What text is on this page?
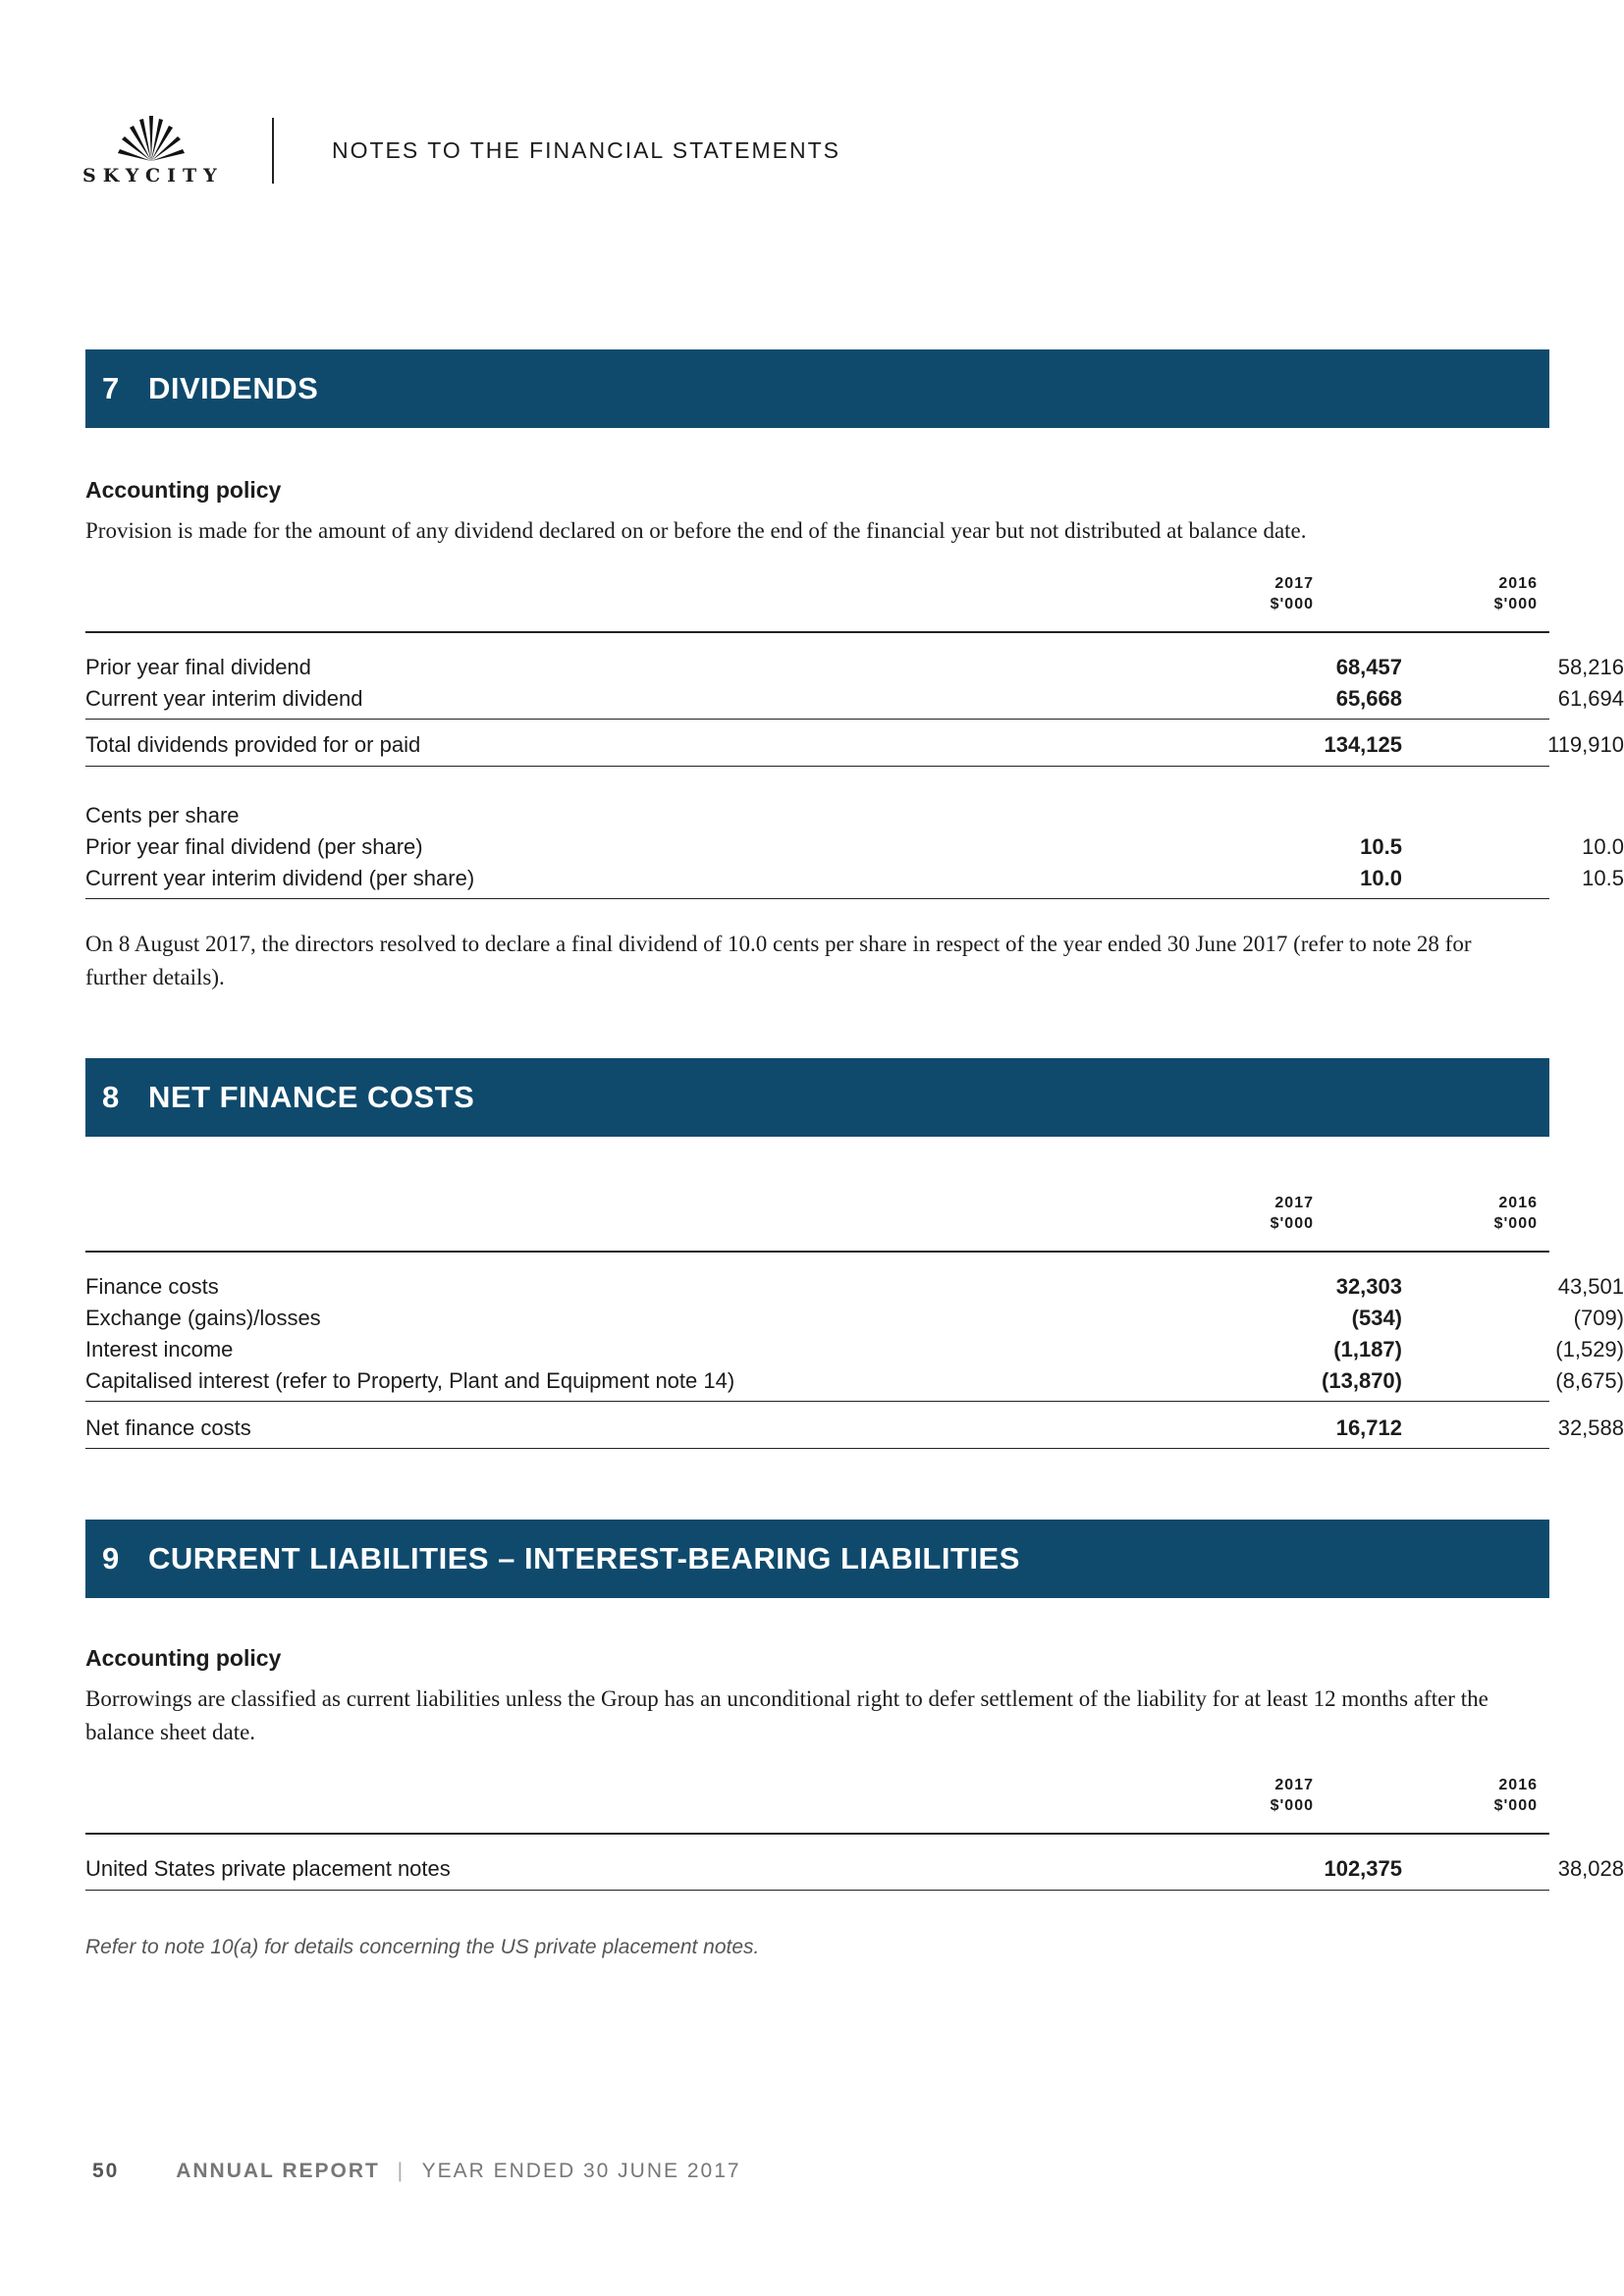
SKYCITY
NOTES TO THE FINANCIAL STATEMENTS
7 DIVIDENDS
Accounting policy
Provision is made for the amount of any dividend declared on or before the end of the financial year but not distributed at balance date.
2017
$'000
2016
$'000
Prior year final dividend	68,457	58,216
Current year interim dividend	65,668	61,694
Total dividends provided for or paid	134,125	119,910
Cents per share
Prior year final dividend (per share)	10.5	10.0
Current year interim dividend (per share)	10.0	10.5
On 8 August 2017, the directors resolved to declare a final dividend of 10.0 cents per share in respect of the year ended 30 June 2017 (refer to note 28 for further details).
8 NET FINANCE COSTS
2017
$'000
2016
$'000
Finance costs	32,303	43,501
Exchange (gains)/losses	(534)	(709)
Interest income	(1,187)	(1,529)
Capitalised interest (refer to Property, Plant and Equipment note 14)	(13,870)	(8,675)
Net finance costs	16,712	32,588
9 CURRENT LIABILITIES – INTEREST-BEARING LIABILITIES
Accounting policy
Borrowings are classified as current liabilities unless the Group has an unconditional right to defer settlement of the liability for at least 12 months after the balance sheet date.
2017
$'000
2016
$'000
United States private placement notes	102,375	38,028
Refer to note 10(a) for details concerning the US private placement notes.
50	ANNUAL REPORT | YEAR ENDED 30 JUNE 2017
